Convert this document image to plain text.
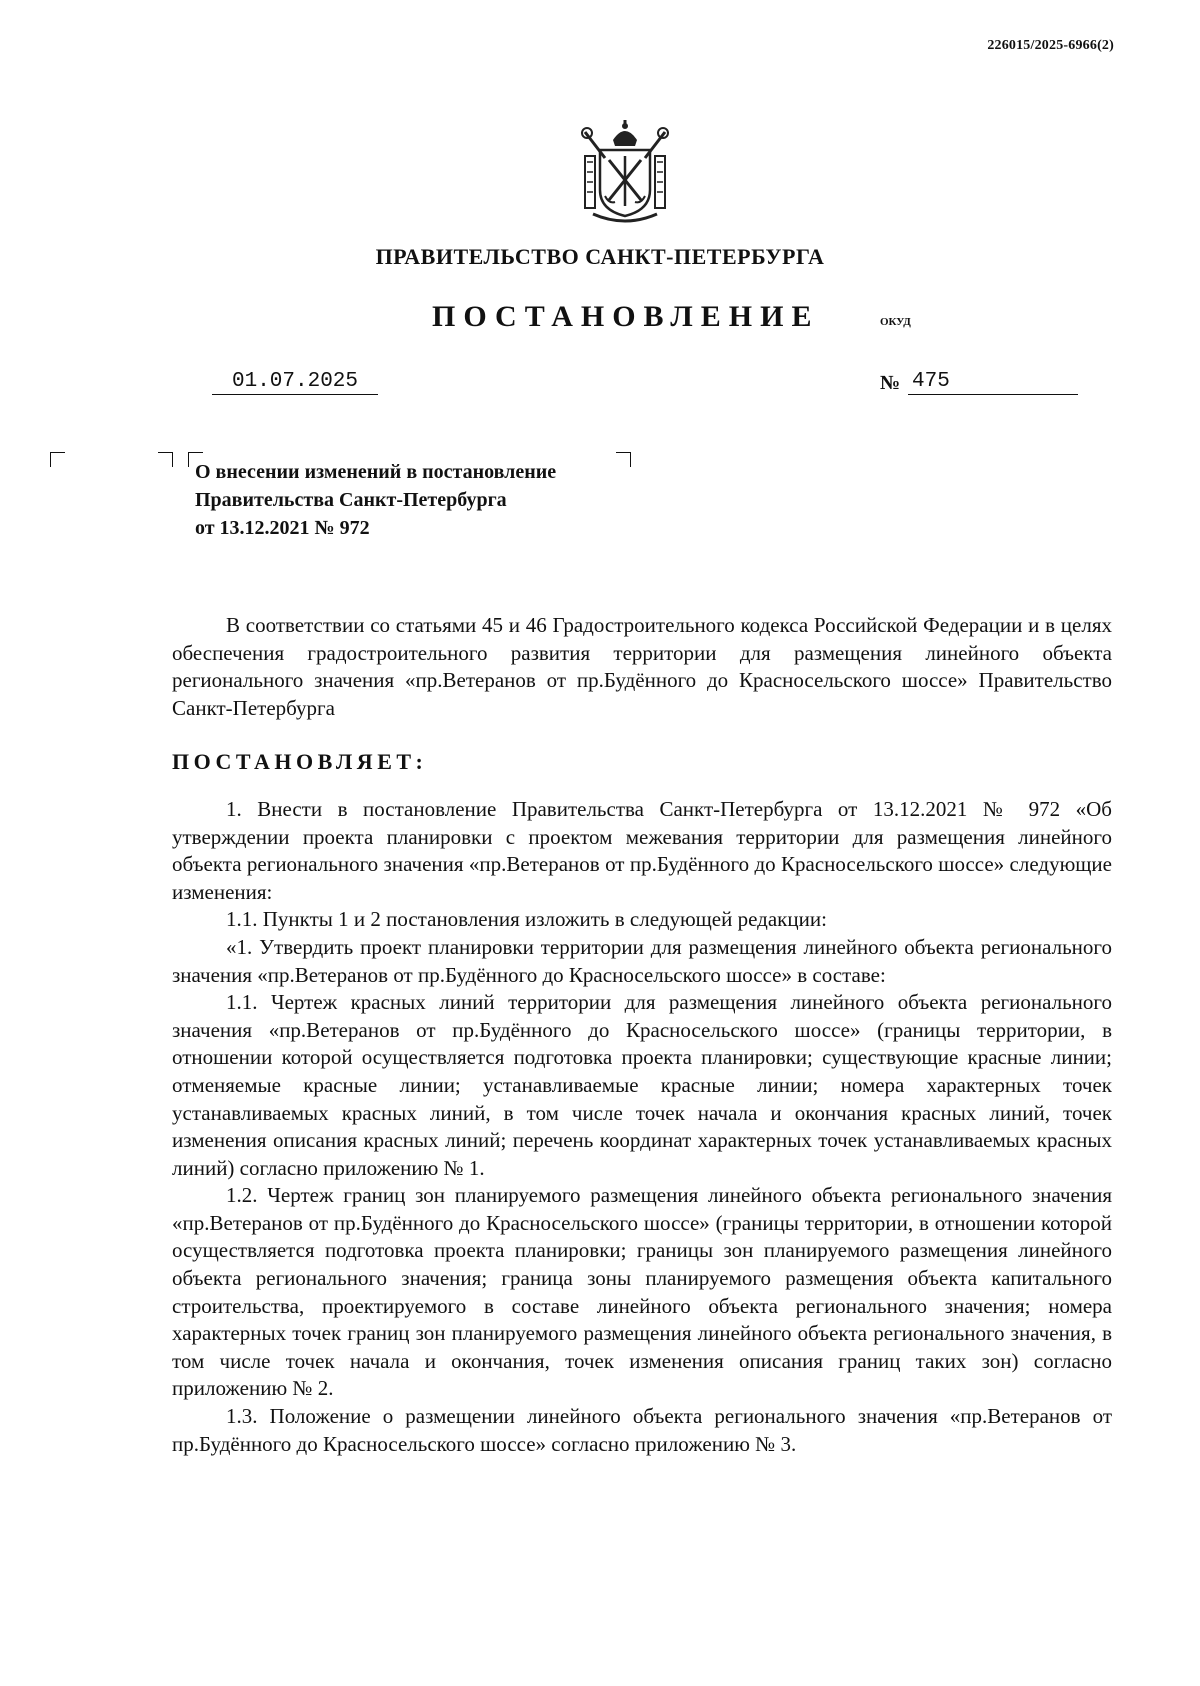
226015/2025-6966(2)
ПРАВИТЕЛЬСТВО САНКТ-ПЕТЕРБУРГА
ПОСТАНОВЛЕНИЕ	ОКУД
01.07.2025	№ 475
О внесении изменений в постановление
Правительства Санкт-Петербурга
от 13.12.2021 № 972

В соответствии со статьями 45 и 46 Градостроительного кодекса Российской Федерации и в целях обеспечения градостроительного развития территории для размещения линейного объекта регионального значения «пр.Ветеранов от пр.Будённого до Красносельского шоссе» Правительство Санкт-Петербурга

ПОСТАНОВЛЯЕТ:

1. Внести в постановление Правительства Санкт-Петербурга от 13.12.2021 № 972 «Об утверждении проекта планировки с проектом межевания территории для размещения линейного объекта регионального значения «пр.Ветеранов от пр.Будённого до Красносельского шоссе» следующие изменения:

1.1. Пункты 1 и 2 постановления изложить в следующей редакции:

«1. Утвердить проект планировки территории для размещения линейного объекта регионального значения «пр.Ветеранов от пр.Будённого до Красносельского шоссе» в составе:

1.1. Чертеж красных линий территории для размещения линейного объекта регионального значения «пр.Ветеранов от пр.Будённого до Красносельского шоссе» (границы территории, в отношении которой осуществляется подготовка проекта планировки; существующие красные линии; отменяемые красные линии; устанавливаемые красные линии; номера характерных точек устанавливаемых красных линий, в том числе точек начала и окончания красных линий, точек изменения описания красных линий; перечень координат характерных точек устанавливаемых красных линий) согласно приложению № 1.

1.2. Чертеж границ зон планируемого размещения линейного объекта регионального значения «пр.Ветеранов от пр.Будённого до Красносельского шоссе» (границы территории, в отношении которой осуществляется подготовка проекта планировки; границы зон планируемого размещения линейного объекта регионального значения; граница зоны планируемого размещения объекта капитального строительства, проектируемого в составе линейного объекта регионального значения; номера характерных точек границ зон планируемого размещения линейного объекта регионального значения, в том числе точек начала и окончания, точек изменения описания границ таких зон) согласно приложению № 2.

1.3. Положение о размещении линейного объекта регионального значения «пр.Ветеранов от пр.Будённого до Красносельского шоссе» согласно приложению № 3.
